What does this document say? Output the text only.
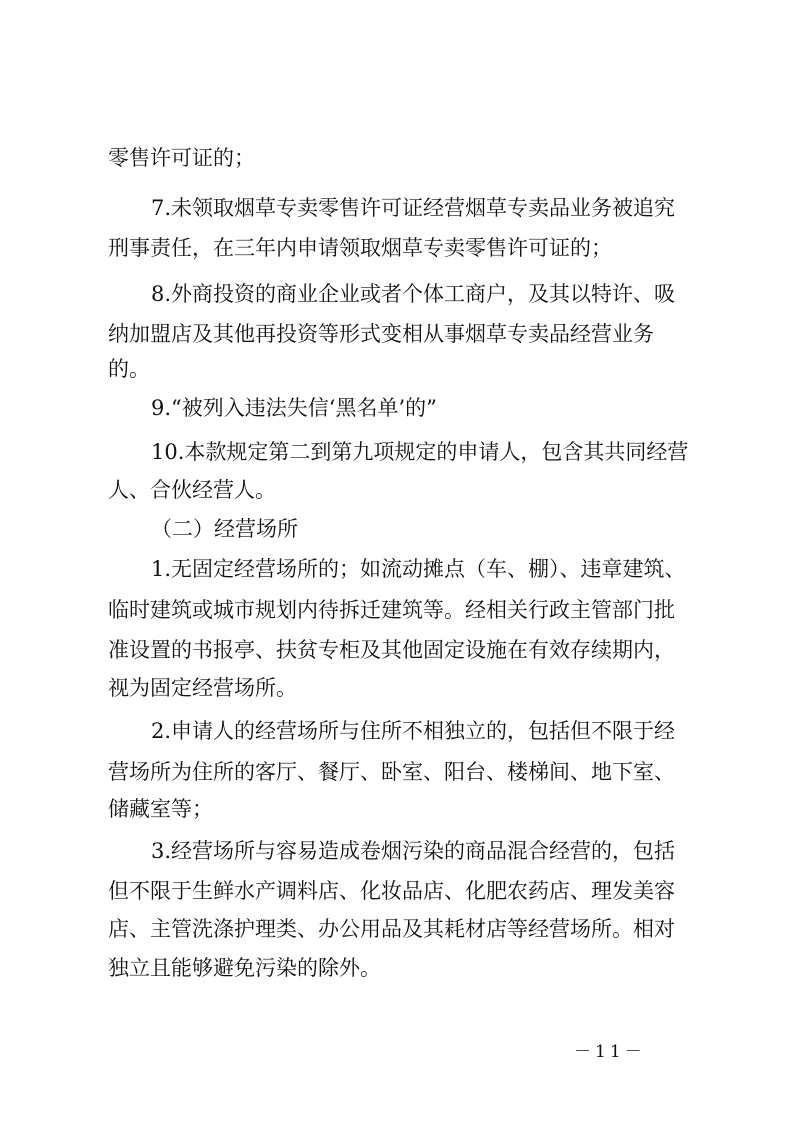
零售许可证的；
7.未领取烟草专卖零售许可证经营烟草专卖品业务被追究
刑事责任，在三年内申请领取烟草专卖零售许可证的；
8.外商投资的商业企业或者个体工商户，及其以特许、吸
纳加盟店及其他再投资等形式变相从事烟草专卖品经营业务
的。
9.“被列入违法失信‘黑名单’的”
10.本款规定第二到第九项规定的申请人，包含其共同经营
人、合伙经营人。
（二）经营场所
1.无固定经营场所的；如流动摊点（车、棚）、违章建筑、
临时建筑或城市规划内待拆迁建筑等。经相关行政主管部门批
准设置的书报亭、扶贫专柜及其他固定设施在有效存续期内，
视为固定经营场所。
2.申请人的经营场所与住所不相独立的，包括但不限于经
营场所为住所的客厅、餐厅、卧室、阳台、楼梯间、地下室、
储藏室等；
3.经营场所与容易造成卷烟污染的商品混合经营的，包括
但不限于生鲜水产调料店、化妆品店、化肥农药店、理发美容
店、主管洗涤护理类、办公用品及其耗材店等经营场所。相对
独立且能够避免污染的除外。
－11－
